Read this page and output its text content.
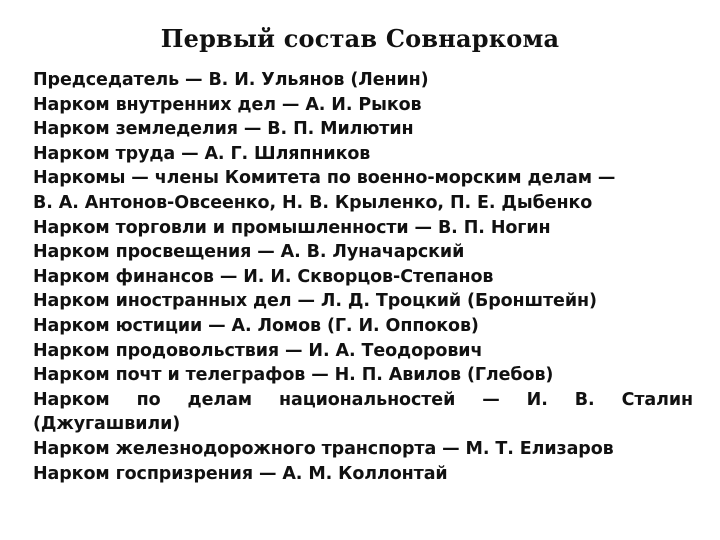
Первый состав Совнаркома
Председатель — В. И. Ульянов (Ленин)
Нарком внутренних дел — А. И. Рыков
Нарком земледелия — В. П. Милютин
Нарком труда — А. Г. Шляпников
Наркомы — члены Комитета по военно-морским делам —
В. А. Антонов-Овсеенко, Н. В. Крыленко, П. Е. Дыбенко
Нарком торговли и промышленности — В. П. Ногин
Нарком просвещения — А. В. Луначарский
Нарком финансов — И. И. Скворцов-Степанов
Нарком иностранных дел — Л. Д. Троцкий (Бронштейн)
Нарком юстиции — А. Ломов (Г. И. Оппоков)
Нарком продовольствия — И. А. Теодорович
Нарком почт и телеграфов — Н. П. Авилов (Глебов)
Нарком по делам национальностей — И. В. Сталин
(Джугашвили)
Нарком железнодорожного транспорта — М. Т. Елизаров
Нарком госпризрения — А. М. Коллонтай
